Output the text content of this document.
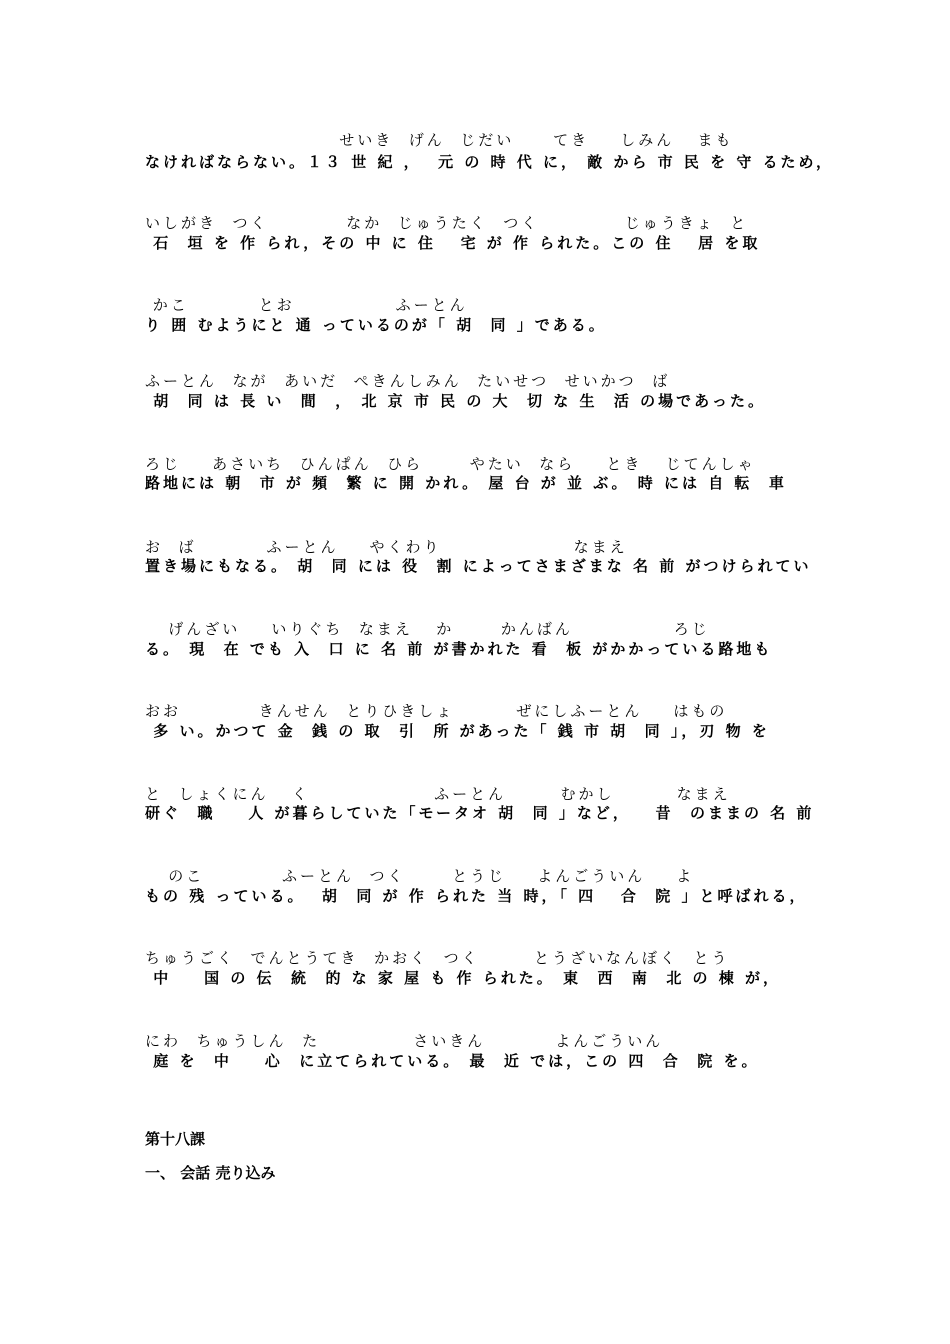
せいき  げん  じだい     てき    しみん   まも

なければならない。１３ 世 紀 ，  元 の 時 代 に， 敵 から 市 民 を 守 るため，

いしがき  つく          なか  じゅうたく  つく           じゅうきょ  と

石  垣 を 作 られ，その 中 に 住   宅 が 作 られた。この 住   居 を取

かこ         とお             ふーとん

り 囲 むようにと 通 っているのが「 胡  同 」である。

ふーとん  なが  あいだ  ぺきんしみん  たいせつ  せいかつ  ば

胡  同 は 長 い  間  ， 北 京 市 民 の 大  切 な 生  活 の場であった。

ろじ    あさいち  ひんぱん  ひら      やたい  なら    とき   じてんしゃ

路地には 朝  市 が 頻  繁 に 開 かれ。 屋 台 が 並 ぶ。 時 には 自 転  車

お  ば         ふーとん    やくわり                 なまえ

置き場にもなる。 胡  同 には 役  割 によってさまざまな 名 前 がつけられてい

げんざい    いりぐち  なまえ   か      かんばん             ろじ

る。 現  在 でも 入  口 に 名 前 が書かれた 看  板 がかかっている路地も

おお          きんせん  とりひきしょ        ぜにしふーとん    はもの

多 い。かつて 金  銭 の 取  引  所 があった「 銭 市 胡  同 」，刃 物 を

と  しょくにん   く                ふーとん       むかし        なまえ

研ぐ  職    人 が暮らしていた「モータオ 胡  同 」など，   昔  のままの 名 前

のこ          ふーとん  つく      とうじ    よんごういん    よ

もの 残 っている。  胡  同 が 作 られた 当 時，「 四   合  院 」と呼ばれる，

ちゅうごく  でんとうてき  かおく  つく       とうざいなんぼく  とう

中    国 の 伝  統  的 な 家 屋 も 作 られた。 東  西  南  北 の 棟 が，

にわ  ちゅうしん  た            さいきん         よんごういん

庭 を  中    心  に立てられている。 最  近 では，この 四  合  院 を。

第十八課
一、 会話 売り込み
